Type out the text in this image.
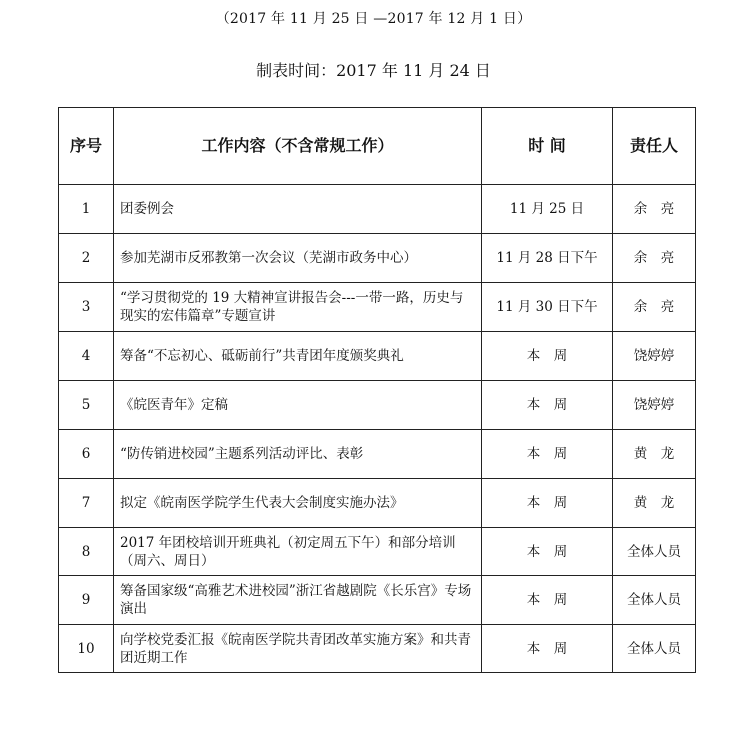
（2017 年 11 月 25 日 —2017 年 12 月 1 日）
制表时间：2017 年 11 月 24 日
序号	工作内容（不含常规工作）	时 间	责任人
1	团委例会	11 月 25 日	余　亮
2	参加芜湖市反邪教第一次会议（芜湖市政务中心）	11 月 28 日下午	余　亮
3	“学习贯彻党的 19 大精神宣讲报告会---一带一路，历史与现实的宏伟篇章”专题宣讲	11 月 30 日下午	余　亮
4	筹备“不忘初心、砥砺前行”共青团年度颁奖典礼	本　周	饶婷婷
5	《皖医青年》定稿	本　周	饶婷婷
6	“防传销进校园”主题系列活动评比、表彰	本　周	黄　龙
7	拟定《皖南医学院学生代表大会制度实施办法》	本　周	黄　龙
8	2017 年团校培训开班典礼（初定周五下午）和部分培训（周六、周日）	本　周	全体人员
9	筹备国家级“高雅艺术进校园”浙江省越剧院《长乐宫》专场演出	本　周	全体人员
10	向学校党委汇报《皖南医学院共青团改革实施方案》和共青团近期工作	本　周	全体人员
